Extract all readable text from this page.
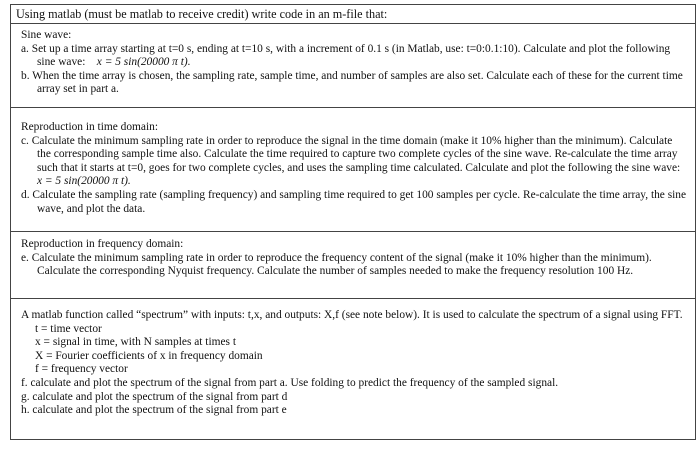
Using matlab (must be matlab to receive credit) write code in an m-file that:
Sine wave:
a. Set up a time array starting at t=0 s, ending at t=10 s, with a increment of 0.1 s (in Matlab, use: t=0:0.1:10). Calculate and plot the following sine wave: x = 5 sin(20000 π t).
b. When the time array is chosen, the sampling rate, sample time, and number of samples are also set. Calculate each of these for the current time array set in part a.
Reproduction in time domain:
c. Calculate the minimum sampling rate in order to reproduce the signal in the time domain (make it 10% higher than the minimum). Calculate the corresponding sample time also. Calculate the time required to capture two complete cycles of the sine wave. Re-calculate the time array such that it starts at t=0, goes for two complete cycles, and uses the sampling time calculated. Calculate and plot the following the sine wave: x = 5 sin(20000 π t).
d. Calculate the sampling rate (sampling frequency) and sampling time required to get 100 samples per cycle. Re-calculate the time array, the sine wave, and plot the data.
Reproduction in frequency domain:
e. Calculate the minimum sampling rate in order to reproduce the frequency content of the signal (make it 10% higher than the minimum). Calculate the corresponding Nyquist frequency. Calculate the number of samples needed to make the frequency resolution 100 Hz.
A matlab function called “spectrum” with inputs: t,x, and outputs: X,f (see note below). It is used to calculate the spectrum of a signal using FFT.
t = time vector
x = signal in time, with N samples at times t
X = Fourier coefficients of x in frequency domain
f = frequency vector
f. calculate and plot the spectrum of the signal from part a. Use folding to predict the frequency of the sampled signal.
g. calculate and plot the spectrum of the signal from part d
h. calculate and plot the spectrum of the signal from part e
